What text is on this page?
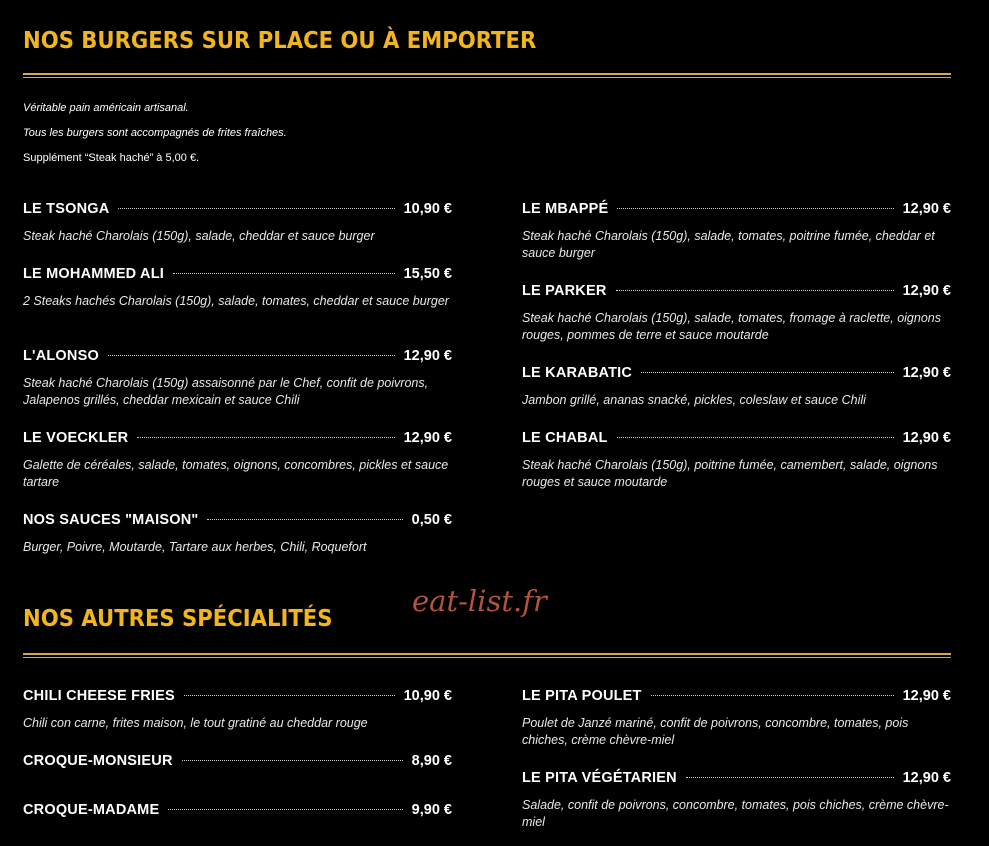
NOS BURGERS SUR PLACE OU À EMPORTER
Véritable pain américain artisanal.
Tous les burgers sont accompagnés de frites fraîches.
Supplément “Steak haché” à 5,00 €.
LE TSONGA	10,90 €
Steak haché Charolais (150g), salade, cheddar et sauce burger
LE MOHAMMED ALI	15,50 €
2 Steaks hachés Charolais (150g), salade, tomates, cheddar et sauce burger
L'ALONSO	12,90 €
Steak haché Charolais (150g) assaisonné par le Chef, confit de poivrons, Jalapenos grillés, cheddar mexicain et sauce Chili
LE VOECKLER	12,90 €
Galette de céréales, salade, tomates, oignons, concombres, pickles et sauce tartare
NOS SAUCES "MAISON"	0,50 €
Burger, Poivre, Moutarde, Tartare aux herbes, Chili, Roquefort
LE MBAPPÉ	12,90 €
Steak haché Charolais (150g), salade, tomates, poitrine fumée, cheddar et sauce burger
LE PARKER	12,90 €
Steak haché Charolais (150g), salade, tomates, fromage à raclette, oignons rouges, pommes de terre et sauce moutarde
LE KARABATIC	12,90 €
Jambon grillé, ananas snacké, pickles, coleslaw et sauce Chili
LE CHABAL	12,90 €
Steak haché Charolais (150g), poitrine fumée, camembert, salade, oignons rouges et sauce moutarde
eat-list.fr
NOS AUTRES SPÉCIALITÉS
CHILI CHEESE FRIES	10,90 €
Chili con carne, frites maison, le tout gratiné au cheddar rouge
CROQUE-MONSIEUR	8,90 €
CROQUE-MADAME	9,90 €
LE PITA POULET	12,90 €
Poulet de Janzé mariné, confit de poivrons, concombre, tomates, pois chiches, crème chèvre-miel
LE PITA VÉGÉTARIEN	12,90 €
Salade, confit de poivrons, concombre, tomates, pois chiches, crème chèvre-miel
